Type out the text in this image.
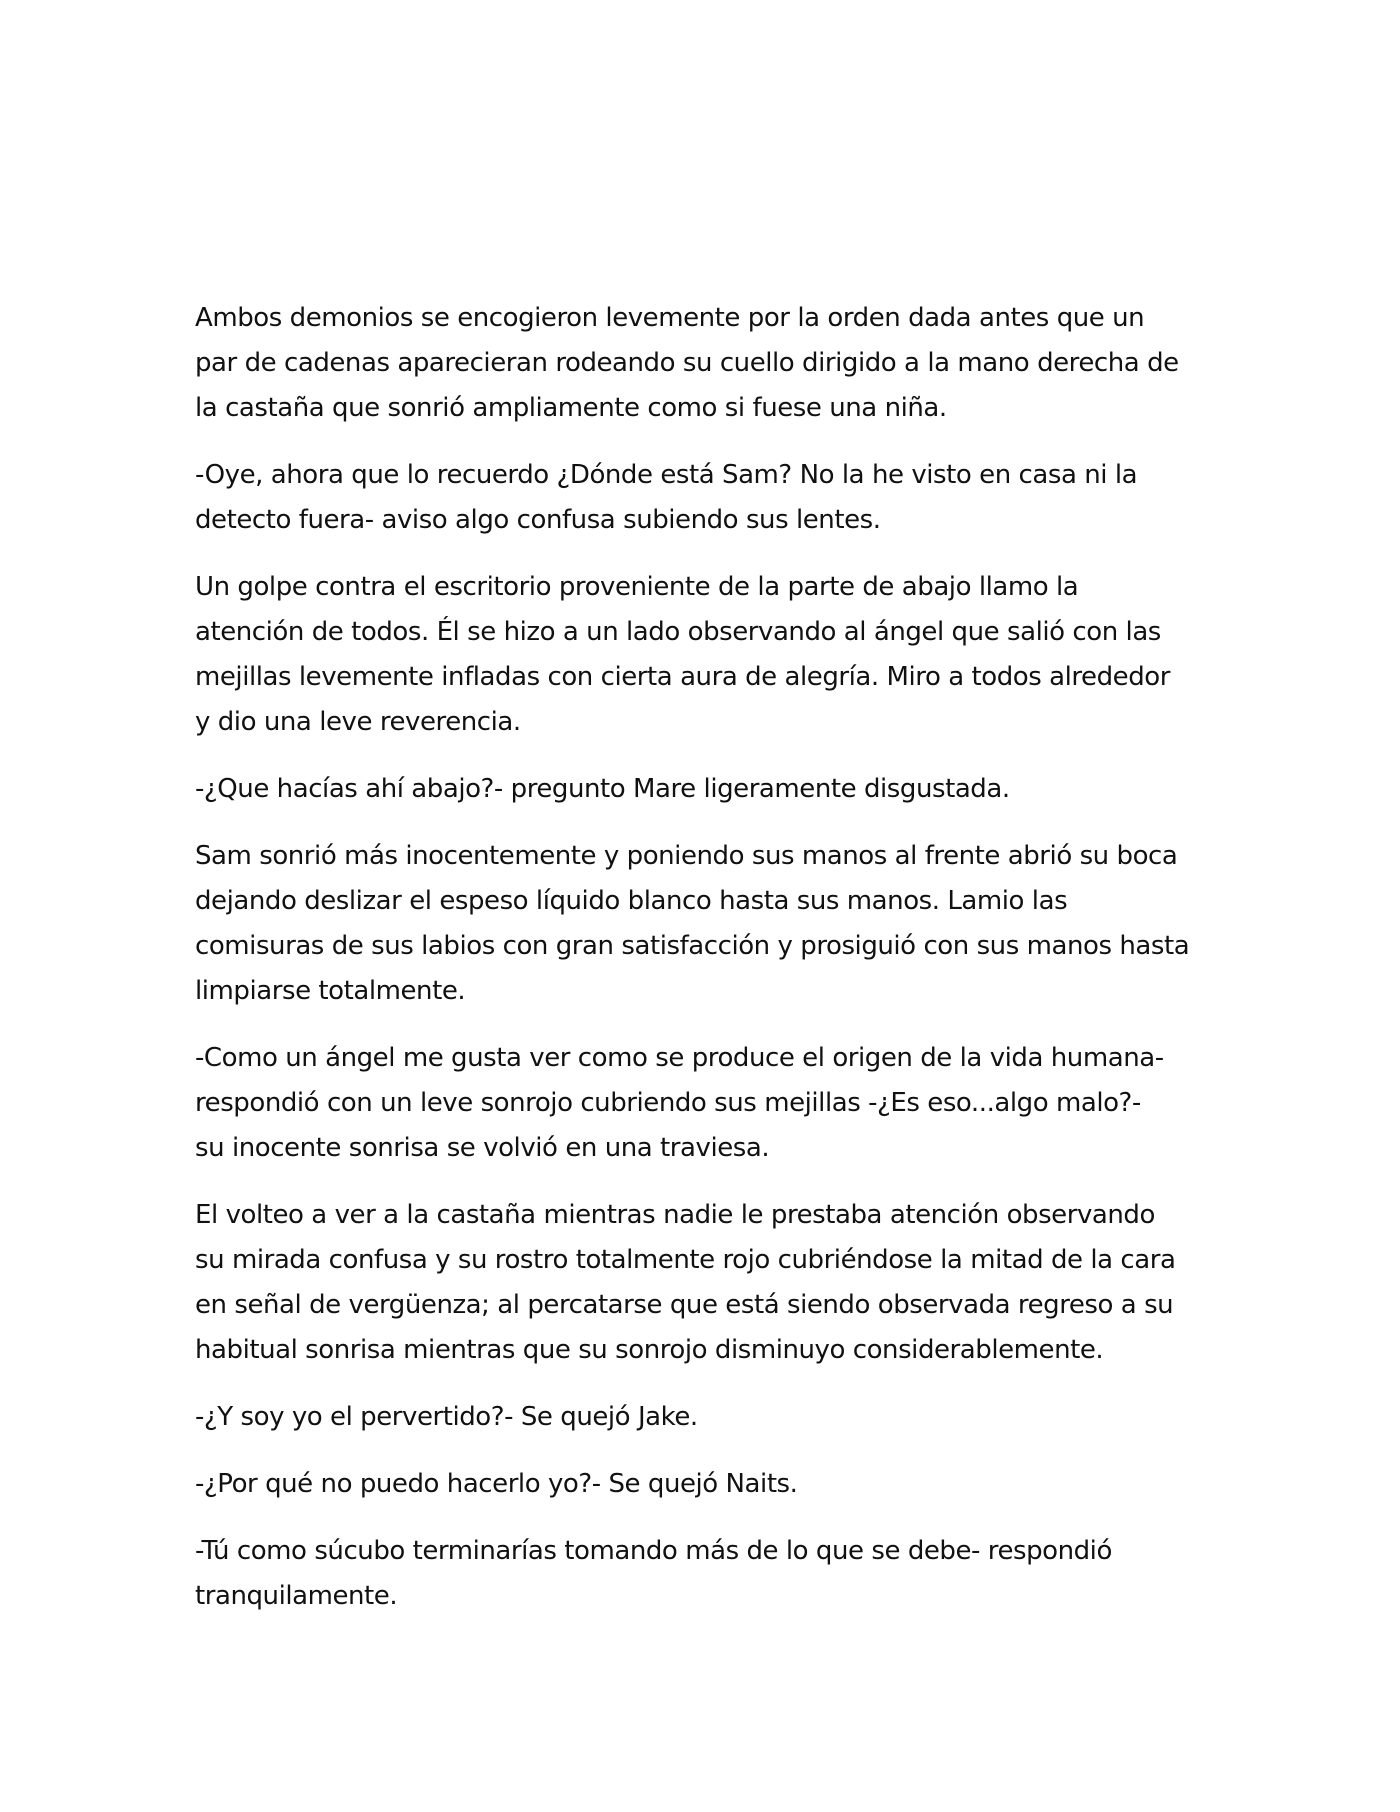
Ambos demonios se encogieron levemente por la orden dada antes que un
par de cadenas aparecieran rodeando su cuello dirigido a la mano derecha de
la castaña que sonrió ampliamente como si fuese una niña.

-Oye, ahora que lo recuerdo ¿Dónde está Sam? No la he visto en casa ni la
detecto fuera- aviso algo confusa subiendo sus lentes.

Un golpe contra el escritorio proveniente de la parte de abajo llamo la
atención de todos. Él se hizo a un lado observando al ángel que salió con las
mejillas levemente infladas con cierta aura de alegría. Miro a todos alrededor
y dio una leve reverencia.

-¿Que hacías ahí abajo?- pregunto Mare ligeramente disgustada.

Sam sonrió más inocentemente y poniendo sus manos al frente abrió su boca
dejando deslizar el espeso líquido blanco hasta sus manos. Lamio las
comisuras de sus labios con gran satisfacción y prosiguió con sus manos hasta
limpiarse totalmente.

-Como un ángel me gusta ver como se produce el origen de la vida humana-
respondió con un leve sonrojo cubriendo sus mejillas -¿Es eso...algo malo?-
su inocente sonrisa se volvió en una traviesa.

El volteo a ver a la castaña mientras nadie le prestaba atención observando
su mirada confusa y su rostro totalmente rojo cubriéndose la mitad de la cara
en señal de vergüenza; al percatarse que está siendo observada regreso a su
habitual sonrisa mientras que su sonrojo disminuyo considerablemente.

-¿Y soy yo el pervertido?- Se quejó Jake.

-¿Por qué no puedo hacerlo yo?- Se quejó Naits.

-Tú como súcubo terminarías tomando más de lo que se debe- respondió
tranquilamente.
